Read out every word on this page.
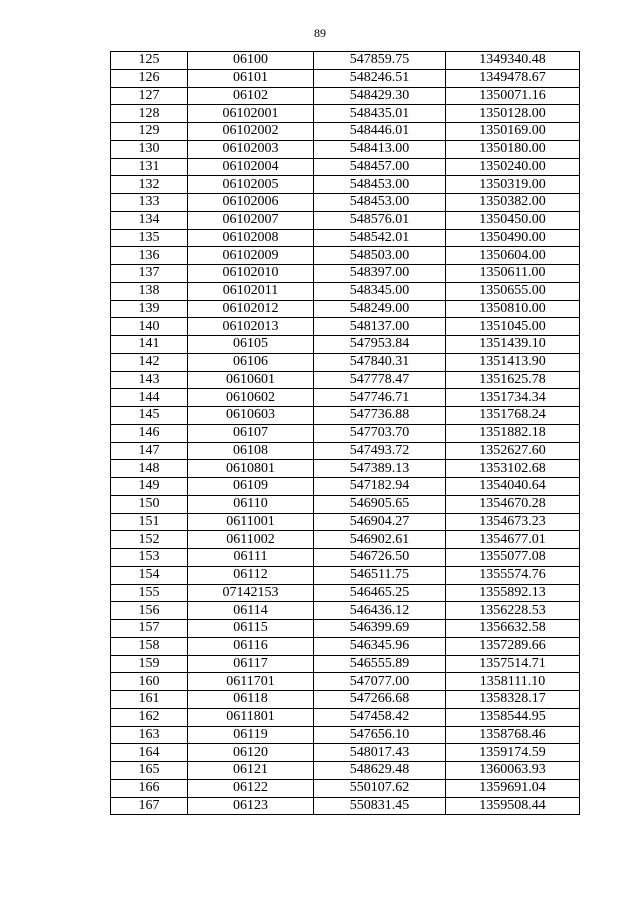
89
125	06100	547859.75	1349340.48
126	06101	548246.51	1349478.67
127	06102	548429.30	1350071.16
128	06102001	548435.01	1350128.00
129	06102002	548446.01	1350169.00
130	06102003	548413.00	1350180.00
131	06102004	548457.00	1350240.00
132	06102005	548453.00	1350319.00
133	06102006	548453.00	1350382.00
134	06102007	548576.01	1350450.00
135	06102008	548542.01	1350490.00
136	06102009	548503.00	1350604.00
137	06102010	548397.00	1350611.00
138	06102011	548345.00	1350655.00
139	06102012	548249.00	1350810.00
140	06102013	548137.00	1351045.00
141	06105	547953.84	1351439.10
142	06106	547840.31	1351413.90
143	0610601	547778.47	1351625.78
144	0610602	547746.71	1351734.34
145	0610603	547736.88	1351768.24
146	06107	547703.70	1351882.18
147	06108	547493.72	1352627.60
148	0610801	547389.13	1353102.68
149	06109	547182.94	1354040.64
150	06110	546905.65	1354670.28
151	0611001	546904.27	1354673.23
152	0611002	546902.61	1354677.01
153	06111	546726.50	1355077.08
154	06112	546511.75	1355574.76
155	07142153	546465.25	1355892.13
156	06114	546436.12	1356228.53
157	06115	546399.69	1356632.58
158	06116	546345.96	1357289.66
159	06117	546555.89	1357514.71
160	0611701	547077.00	1358111.10
161	06118	547266.68	1358328.17
162	0611801	547458.42	1358544.95
163	06119	547656.10	1358768.46
164	06120	548017.43	1359174.59
165	06121	548629.48	1360063.93
166	06122	550107.62	1359691.04
167	06123	550831.45	1359508.44
